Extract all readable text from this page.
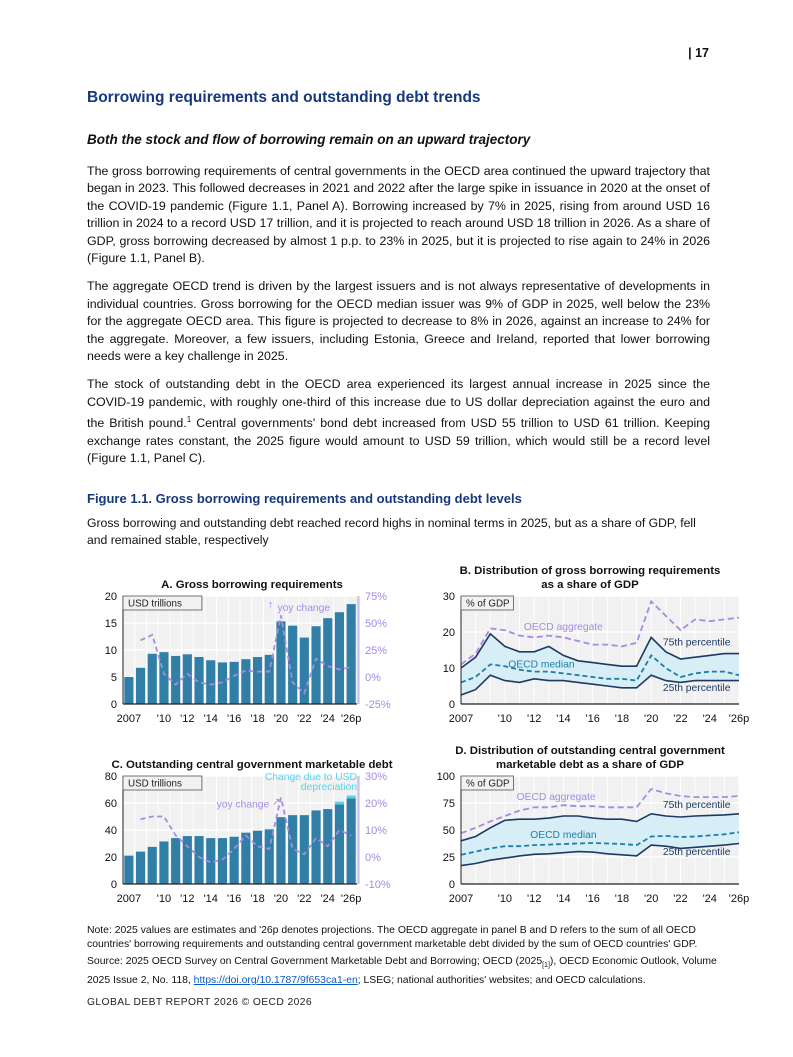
| 17
Borrowing requirements and outstanding debt trends
Both the stock and flow of borrowing remain on an upward trajectory

The gross borrowing requirements of central governments in the OECD area continued the upward trajectory that began in 2023. This followed decreases in 2021 and 2022 after the large spike in issuance in 2020 at the onset of the COVID-19 pandemic (Figure 1.1, Panel A). Borrowing increased by 7% in 2025, rising from around USD 16 trillion in 2024 to a record USD 17 trillion, and it is projected to reach around USD 18 trillion in 2026. As a share of GDP, gross borrowing decreased by almost 1 p.p. to 23% in 2025, but it is projected to rise again to 24% in 2026 (Figure 1.1, Panel B).

The aggregate OECD trend is driven by the largest issuers and is not always representative of developments in individual countries. Gross borrowing for the OECD median issuer was 9% of GDP in 2025, well below the 23% for the aggregate OECD area. This figure is projected to decrease to 8% in 2026, against an increase to 24% for the aggregate. Moreover, a few issuers, including Estonia, Greece and Ireland, reported that lower borrowing needs were a key challenge in 2025.

The stock of outstanding debt in the OECD area experienced its largest annual increase in 2025 since the COVID-19 pandemic, with roughly one-third of this increase due to US dollar depreciation against the euro and the British pound.$^1$ Central governments' bond debt increased from USD 55 trillion to USD 61 trillion. Keeping exchange rates constant, the 2025 figure would amount to USD 59 trillion, which would still be a record level (Figure 1.1, Panel C).

Figure 1.1. Gross borrowing requirements and outstanding debt levels
Gross borrowing and outstanding debt reached record highs in nominal terms in 2025, but as a share of GDP, fell and remained stable, respectively
A. Gross borrowing requirements
75%
50%
25%
0%
-25%
USD trillions
0
5
10
15
20
2007 '10 '12 '14 '16 '18 '20 '22 '24 '26p
↑ yoy change
B. Distribution of gross borrowing requirements
as a share of GDP
% of GDP
0
10
20
30
2007 '10 '12 '14 '16 '18 '20 '22 '24 '26p
OECD aggregate
75th percentile
OECD median
25th percentile
C. Outstanding central government marketable debt
30%
20%
10%
0%
-10%
USD trillions
0
20
40
60
80
2007 '10 '12 '14 '16 '18 '20 '22 '24 '26p
Change due to USD
depreciation
yoy change ↗
D. Distribution of outstanding central government
marketable debt as a share of GDP
% of GDP
0
25
50
75
100
2007 '10 '12 '14 '16 '18 '20 '22 '24 '26p
OECD aggregate
75th percentile
OECD median
25th percentile
Note: 2025 values are estimates and '26p denotes projections. The OECD aggregate in panel B and D refers to the sum of all OECD countries' borrowing requirements and outstanding central government marketable debt divided by the sum of OECD countries' GDP.
Source: 2025 OECD Survey on Central Government Marketable Debt and Borrowing; OECD $(2025_{[1]})$, OECD Economic Outlook, Volume 2025 Issue 2, No. 118, https://doi.org/10.1787/9f653ca1-en; LSEG; national authorities' websites; and OECD calculations.
GLOBAL DEBT REPORT 2026 © OECD 2026
